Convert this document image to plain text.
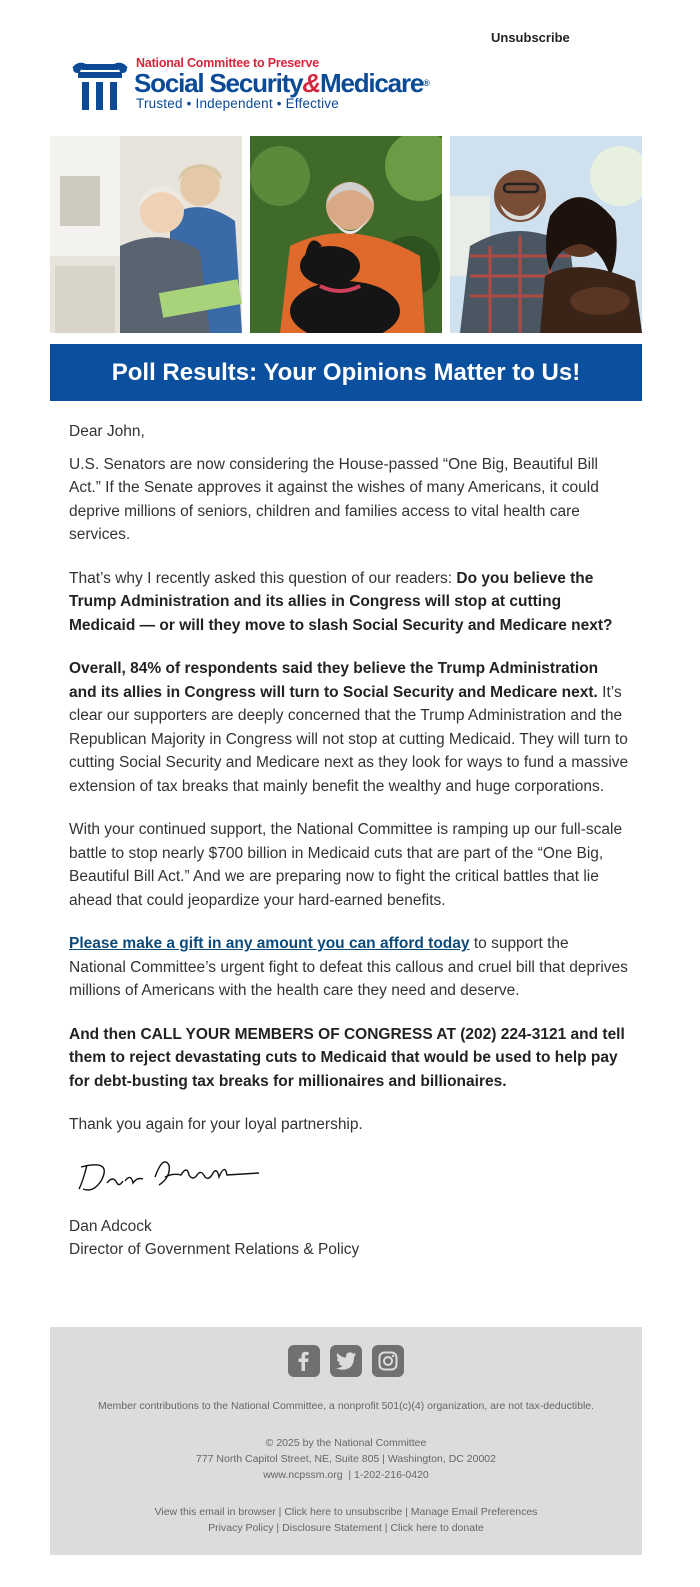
Unsubscribe
National Committee to Preserve
Social Security&Medicare®
Trusted • Independent • Effective
Poll Results: Your Opinions Matter to Us!

Dear John,

U.S. Senators are now considering the House-passed “One Big, Beautiful Bill Act.” If the Senate approves it against the wishes of many Americans, it could deprive millions of seniors, children and families access to vital health care services.

That’s why I recently asked this question of our readers: Do you believe the Trump Administration and its allies in Congress will stop at cutting Medicaid — or will they move to slash Social Security and Medicare next?

Overall, 84% of respondents said they believe the Trump Administration and its allies in Congress will turn to Social Security and Medicare next. It’s clear our supporters are deeply concerned that the Trump Administration and the Republican Majority in Congress will not stop at cutting Medicaid. They will turn to cutting Social Security and Medicare next as they look for ways to fund a massive extension of tax breaks that mainly benefit the wealthy and huge corporations.

With your continued support, the National Committee is ramping up our full-scale battle to stop nearly $700 billion in Medicaid cuts that are part of the “One Big, Beautiful Bill Act.” And we are preparing now to fight the critical battles that lie ahead that could jeopardize your hard-earned benefits.

Please make a gift in any amount you can afford today to support the National Committee’s urgent fight to defeat this callous and cruel bill that deprives millions of Americans with the health care they need and deserve.

And then CALL YOUR MEMBERS OF CONGRESS AT (202) 224-3121 and tell them to reject devastating cuts to Medicaid that would be used to help pay for debt-busting tax breaks for millionaires and billionaires.

Thank you again for your loyal partnership.

Dan Adcock

Director of Government Relations & Policy

Member contributions to the National Committee, a nonprofit 501(c)(4) organization, are not tax-deductible.
© 2025 by the National Committee
777 North Capitol Street, NE, Suite 805 | Washington, DC 20002
www.ncpssm.org  | 1-202-216-0420
View this email in browser | Click here to unsubscribe | Manage Email Preferences
Privacy Policy | Disclosure Statement | Click here to donate
